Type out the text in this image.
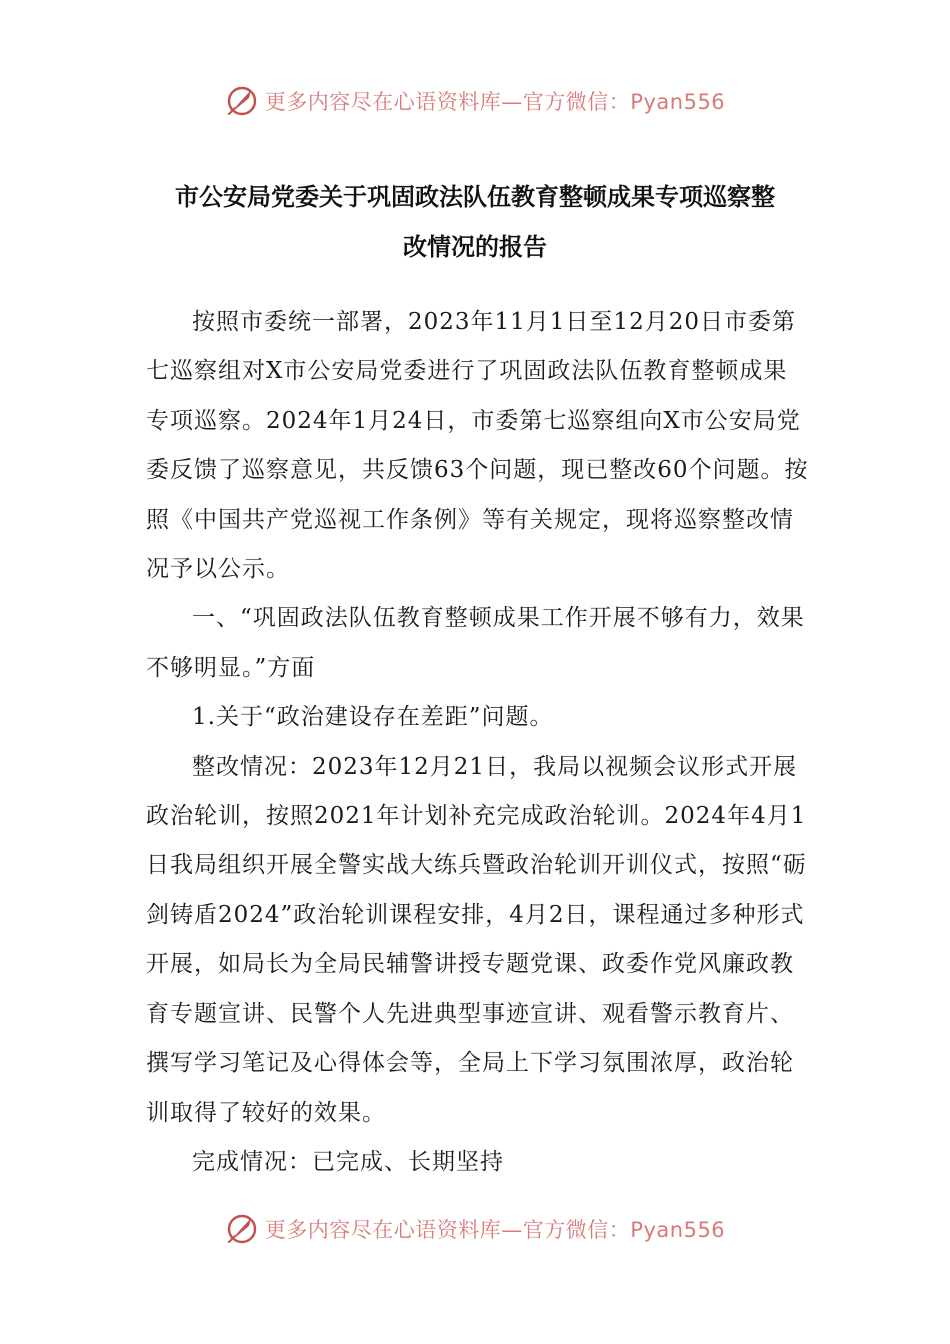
更多内容尽在心语资料库—官方微信：Pyan556
市公安局党委关于巩固政法队伍教育整顿成果专项巡察整
改情况的报告

按照市委统一部署，2023年11月1日至12月20日市委第七巡察组对X市公安局党委进行了巩固政法队伍教育整顿成果专项巡察。2024年1月24日，市委第七巡察组向X市公安局党委反馈了巡察意见，共反馈63个问题，现已整改60个问题。按照《中国共产党巡视工作条例》等有关规定，现将巡察整改情况予以公示。

一、“巩固政法队伍教育整顿成果工作开展不够有力，效果不够明显。”方面

1.关于“政治建设存在差距”问题。

整改情况：2023年12月21日，我局以视频会议形式开展政治轮训，按照2021年计划补充完成政治轮训。2024年4月1日我局组织开展全警实战大练兵暨政治轮训开训仪式，按照“砺剑铸盾2024”政治轮训课程安排，4月2日，课程通过多种形式开展，如局长为全局民辅警讲授专题党课、政委作党风廉政教育专题宣讲、民警个人先进典型事迹宣讲、观看警示教育片、撰写学习笔记及心得体会等，全局上下学习氛围浓厚，政治轮训取得了较好的效果。

完成情况：已完成、长期坚持

更多内容尽在心语资料库—官方微信：Pyan556
